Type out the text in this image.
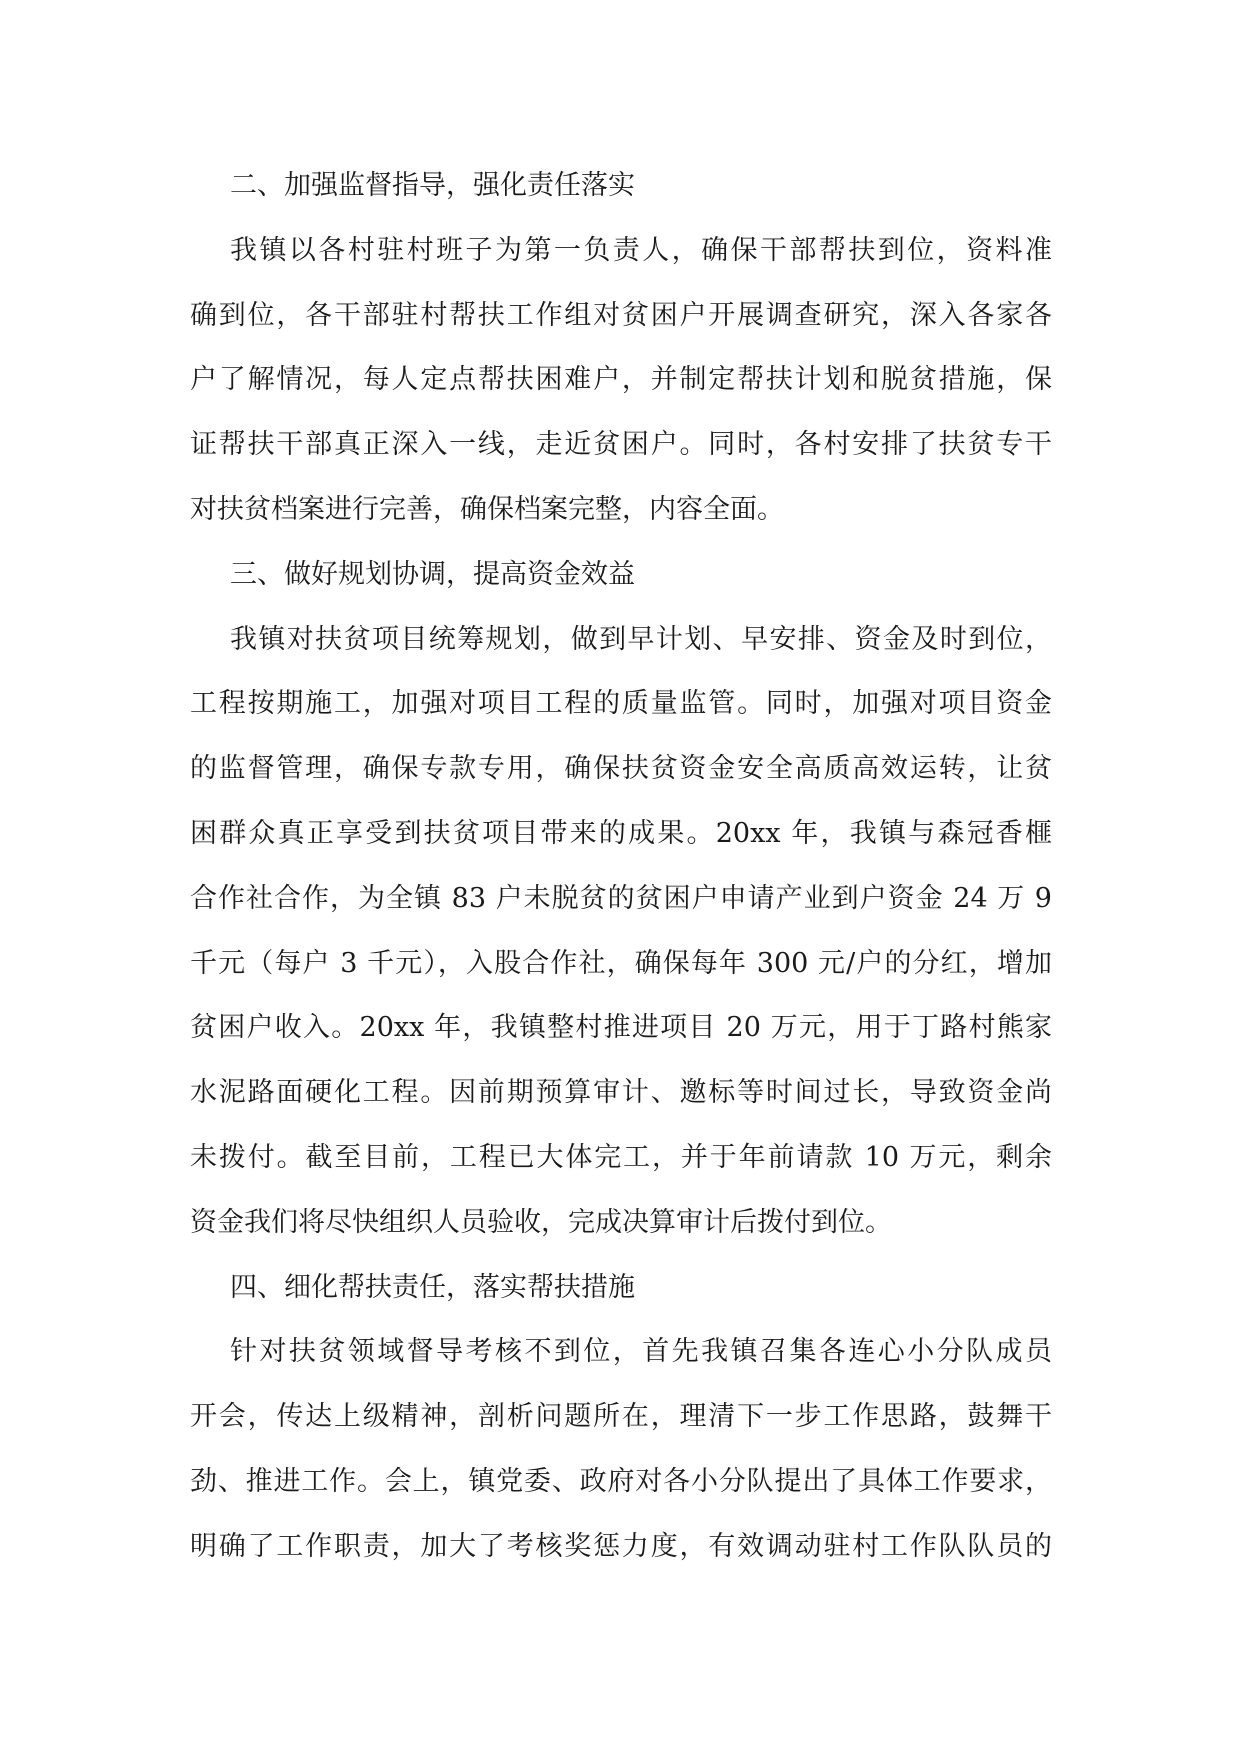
二、加强监督指导，强化责任落实
我镇以各村驻村班子为第一负责人，确保干部帮扶到位，资料准
确到位，各干部驻村帮扶工作组对贫困户开展调查研究，深入各家各
户了解情况，每人定点帮扶困难户，并制定帮扶计划和脱贫措施，保
证帮扶干部真正深入一线，走近贫困户。同时，各村安排了扶贫专干
对扶贫档案进行完善，确保档案完整，内容全面。
三、做好规划协调，提高资金效益
我镇对扶贫项目统筹规划，做到早计划、早安排、资金及时到位，
工程按期施工，加强对项目工程的质量监管。同时，加强对项目资金
的监督管理，确保专款专用，确保扶贫资金安全高质高效运转，让贫
困群众真正享受到扶贫项目带来的成果。20xx 年，我镇与森冠香榧
合作社合作，为全镇 83 户未脱贫的贫困户申请产业到户资金 24 万 9
千元（每户 3 千元），入股合作社，确保每年 300 元/户的分红，增加
贫困户收入。20xx 年，我镇整村推进项目 20 万元，用于丁路村熊家
水泥路面硬化工程。因前期预算审计、邀标等时间过长，导致资金尚
未拨付。截至目前，工程已大体完工，并于年前请款 10 万元，剩余
资金我们将尽快组织人员验收，完成决算审计后拨付到位。
四、细化帮扶责任，落实帮扶措施
针对扶贫领域督导考核不到位，首先我镇召集各连心小分队成员
开会，传达上级精神，剖析问题所在，理清下一步工作思路，鼓舞干
劲、推进工作。会上，镇党委、政府对各小分队提出了具体工作要求，
明确了工作职责，加大了考核奖惩力度，有效调动驻村工作队队员的
